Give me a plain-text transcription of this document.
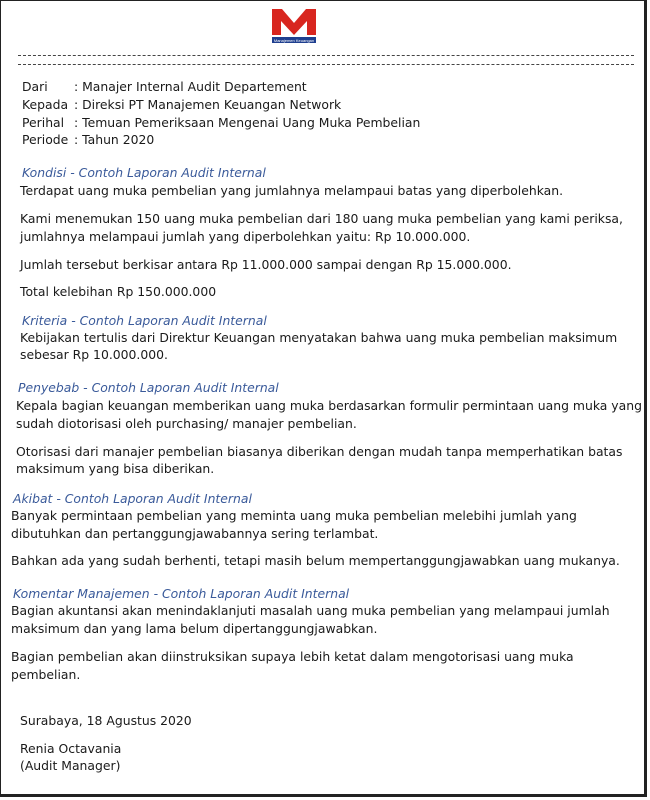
Manajemen Keuangan
Dari : Manajer Internal Audit Departement
Kepada : Direksi PT Manajemen Keuangan Network
Perihal : Temuan Pemeriksaan Mengenai Uang Muka Pembelian
Periode : Tahun 2020
Kondisi - Contoh Laporan Audit Internal
Terdapat uang muka pembelian yang jumlahnya melampaui batas yang diperbolehkan.
Kami menemukan 150 uang muka pembelian dari 180 uang muka pembelian yang kami periksa,
jumlahnya melampaui jumlah yang diperbolehkan yaitu: Rp 10.000.000.
Jumlah tersebut berkisar antara Rp 11.000.000 sampai dengan Rp 15.000.000.
Total kelebihan Rp 150.000.000
Kriteria - Contoh Laporan Audit Internal
Kebijakan tertulis dari Direktur Keuangan menyatakan bahwa uang muka pembelian maksimum
sebesar Rp 10.000.000.
Penyebab - Contoh Laporan Audit Internal
Kepala bagian keuangan memberikan uang muka berdasarkan formulir permintaan uang muka yang
sudah diotorisasi oleh purchasing/ manajer pembelian.
Otorisasi dari manajer pembelian biasanya diberikan dengan mudah tanpa memperhatikan batas
maksimum yang bisa diberikan.
Akibat - Contoh Laporan Audit Internal
Banyak permintaan pembelian yang meminta uang muka pembelian melebihi jumlah yang
dibutuhkan dan pertanggungjawabannya sering terlambat.
Bahkan ada yang sudah berhenti, tetapi masih belum mempertanggungjawabkan uang mukanya.
Komentar Manajemen - Contoh Laporan Audit Internal
Bagian akuntansi akan menindaklanjuti masalah uang muka pembelian yang melampaui jumlah
maksimum dan yang lama belum dipertanggungjawabkan.
Bagian pembelian akan diinstruksikan supaya lebih ketat dalam mengotorisasi uang muka
pembelian.
Surabaya, 18 Agustus 2020
Renia Octavania
(Audit Manager)
